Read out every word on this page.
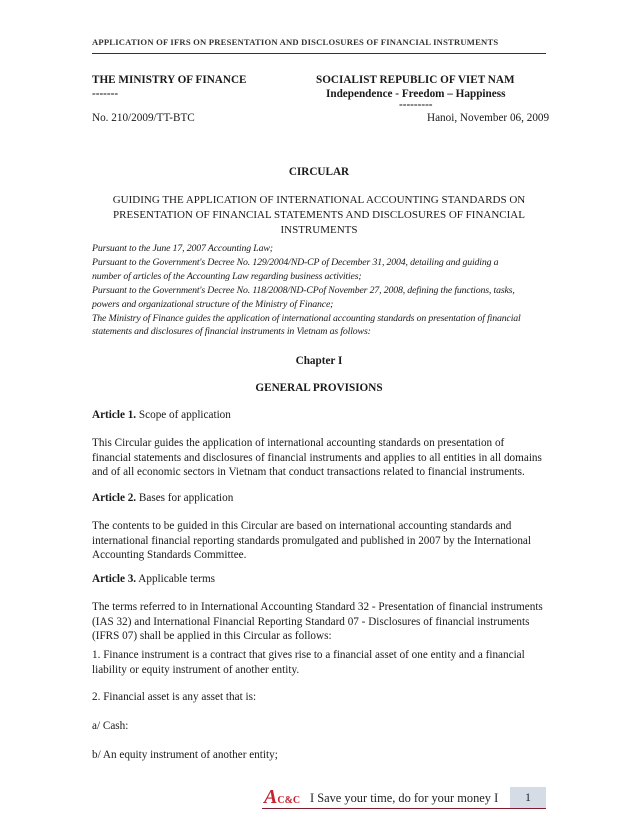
APPLICATION OF IFRS ON PRESENTATION AND DISCLOSURES OF FINANCIAL INSTRUMENTS
THE MINISTRY OF FINANCE
-------
No. 210/2009/TT-BTC
SOCIALIST REPUBLIC OF VIET NAM
Independence - Freedom – Happiness
---------
Hanoi, November 06, 2009
CIRCULAR
GUIDING THE APPLICATION OF INTERNATIONAL ACCOUNTING STANDARDS ON PRESENTATION OF FINANCIAL STATEMENTS AND DISCLOSURES OF FINANCIAL INSTRUMENTS
Pursuant to the June 17, 2007 Accounting Law;
Pursuant to the Government's Decree No. 129/2004/ND-CP of December 31, 2004, detailing and guiding a
number of articles of the Accounting Law regarding business activities;
Pursuant to the Government's Decree No. 118/2008/ND-CPof November 27, 2008, defining the functions, tasks,
powers and organizational structure of the Ministry of Finance;
The Ministry of Finance guides the application of international accounting standards on presentation of financial
statements and disclosures of financial instruments in Vietnam as follows:
Chapter I
GENERAL PROVISIONS
Article 1. Scope of application
This Circular guides the application of international accounting standards on presentation of financial statements and disclosures of financial instruments and applies to all entities in all domains and of all economic sectors in Vietnam that conduct transactions related to financial instruments.
Article 2. Bases for application
The contents to be guided in this Circular are based on international accounting standards and international financial reporting standards promulgated and published in 2007 by the International Accounting Standards Committee.
Article 3. Applicable terms
The terms referred to in International Accounting Standard 32 - Presentation of financial instruments (IAS 32) and International Financial Reporting Standard 07 - Disclosures of financial instruments (IFRS 07) shall be applied in this Circular as follows:
1. Finance instrument is a contract that gives rise to a financial asset of one entity and a financial liability or equity instrument of another entity.
2. Financial asset is any asset that is:
a/ Cash:
b/ An equity instrument of another entity;
AC&C I Save your time, do for your money I	1
